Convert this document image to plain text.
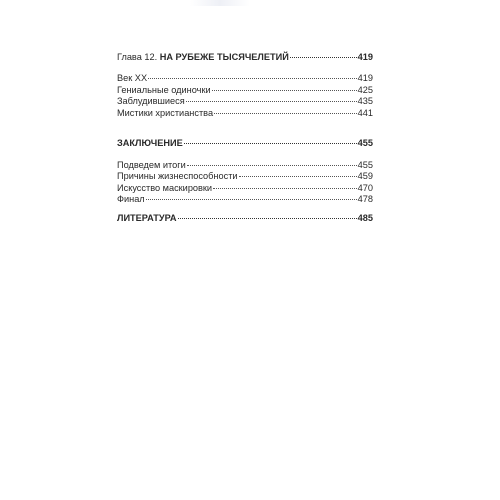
Глава 12. НА РУБЕЖЕ ТЫСЯЧЕЛЕТИЙ	419
Век XX	419
Гениальные одиночки	425
Заблудившиеся	435
Мистики христианства	441
ЗАКЛЮЧЕНИЕ	455
Подведем итоги	455
Причины жизнеспособности	459
Искусство маскировки	470
Финал	478
ЛИТЕРАТУРА	485
